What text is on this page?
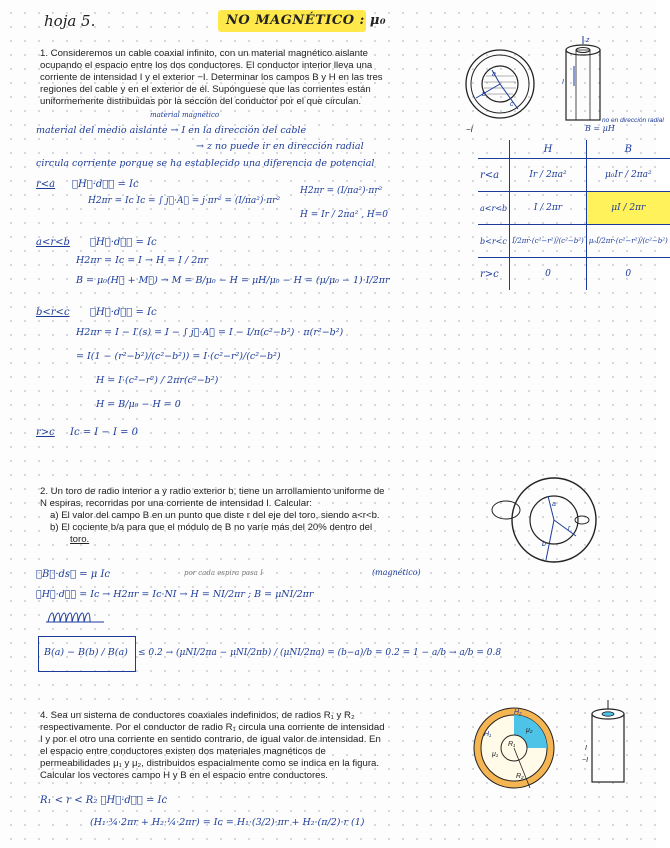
hoja 5.	NO MAGNÉTICO : μ₀

1. Consideremos un cable coaxial infinito, con un material magnético aislante

ocupando el espacio entre los dos conductores. El conductor interior lleva una

corriente de intensidad I y el exterior −I. Determinar los campos B y H en las tres

regiones del cable y en el exterior de él. Supónguese que las corrientes están

uniformemente distribuidas por la sección del conductor por el que circulan.

a
b
c
z
I
−I
no en dirección radial
material magnético
material del medio aislante → I en la dirección del cable
→ z no puede ir en dirección radial
circula corriente porque se ha establecido una diferencia de potencial
r<a ∮H⃗·dℓ⃗ = Iᴄ
H2πr = Iᴄ Iᴄ = ∫ j⃗·A⃗ = j·πr² = (I/πa²)·πr²
H2πr = (I/πa²)·πr²
H = Ir / 2πa² , H=0
a<r<b ∮H⃗·dℓ⃗ = Iᴄ
H2πr = Iᴄ = I → H = I / 2πr
B = μ₀(H⃗ + M⃗) → M = B/μ₀ − H = μH/μ₀ − H = (μ/μ₀ − 1)·I/2πr
b<r<c ∮H⃗·dℓ⃗ = Iᴄ
H2πr = I − I′(s) = I − ∫ j⃗·A⃗ = I − I/π(c²−b²) · π(r²−b²)
= I(1 − (r²−b²)/(c²−b²)) = I·(c²−r²)/(c²−b²)
H = I·(c²−r²) / 2πr(c²−b²)
H = B/μ₀ − H = 0
r>c Iᴄ = I − I = 0
B = μH
	H	B
r<a	Ir / 2πa²	μ₀Ir / 2πa²
a<r<b	I / 2πr	μI / 2πr
b<r<c	I/2πr·(c²−r²)/(c²−b²)	μ₀I/2πr·(c²−r²)/(c²−b²)
r>c	0	0

2. Un toro de radio interior a y radio exterior b, tiene un arrollamiento uniforme de

N espiras, recorridas por una corriente de intensidad I. Calcular:

a) El valor del campo B en un punto que diste r del eje del toro, siendo a<r<b.

b) El cociente b/a para que el módulo de B no varíe más del 20% dentro del

toro.

a
b
r
por cada espira pasa I	(magnético)
∮B⃗·ds⃗ = μ Iᴄ
∮H⃗·dℓ⃗ = Iᴄ → H2πr = Iᴄ·NI → H = NI/2πr ; B = μNI/2πr
B(a) − B(b) / B(a) ≤ 0.2 → (μNI/2πa − μNI/2πb) / (μNI/2πa) = (b−a)/b = 0.2 = 1 − a/b → a/b = 0.8

4. Sea un sistema de conductores coaxiales indefinidos, de radios R₁ y R₂

respectivamente. Por el conductor de radio R₁ circula una corriente de intensidad

I y por el otro una corriente en sentido contrario, de igual valor de intensidad. En

el espacio entre conductores existen dos materiales magnéticos de

permeabilidades μ₁ y μ₂, distribuidos espacialmente como se indica en la figura.

Calcular los vectores campo H y B en el espacio entre conductores.

H₂
H₁
μ₂
μ₁
R₁
R₂
I
−I
R₁ < r < R₂ ∮H⃗·dℓ⃗ = Iᴄ
(H₁·¾·2πr + H₂·¼·2πr) = Iᴄ = H₁·(3/2)·πr + H₂·(π/2)·r (1)
